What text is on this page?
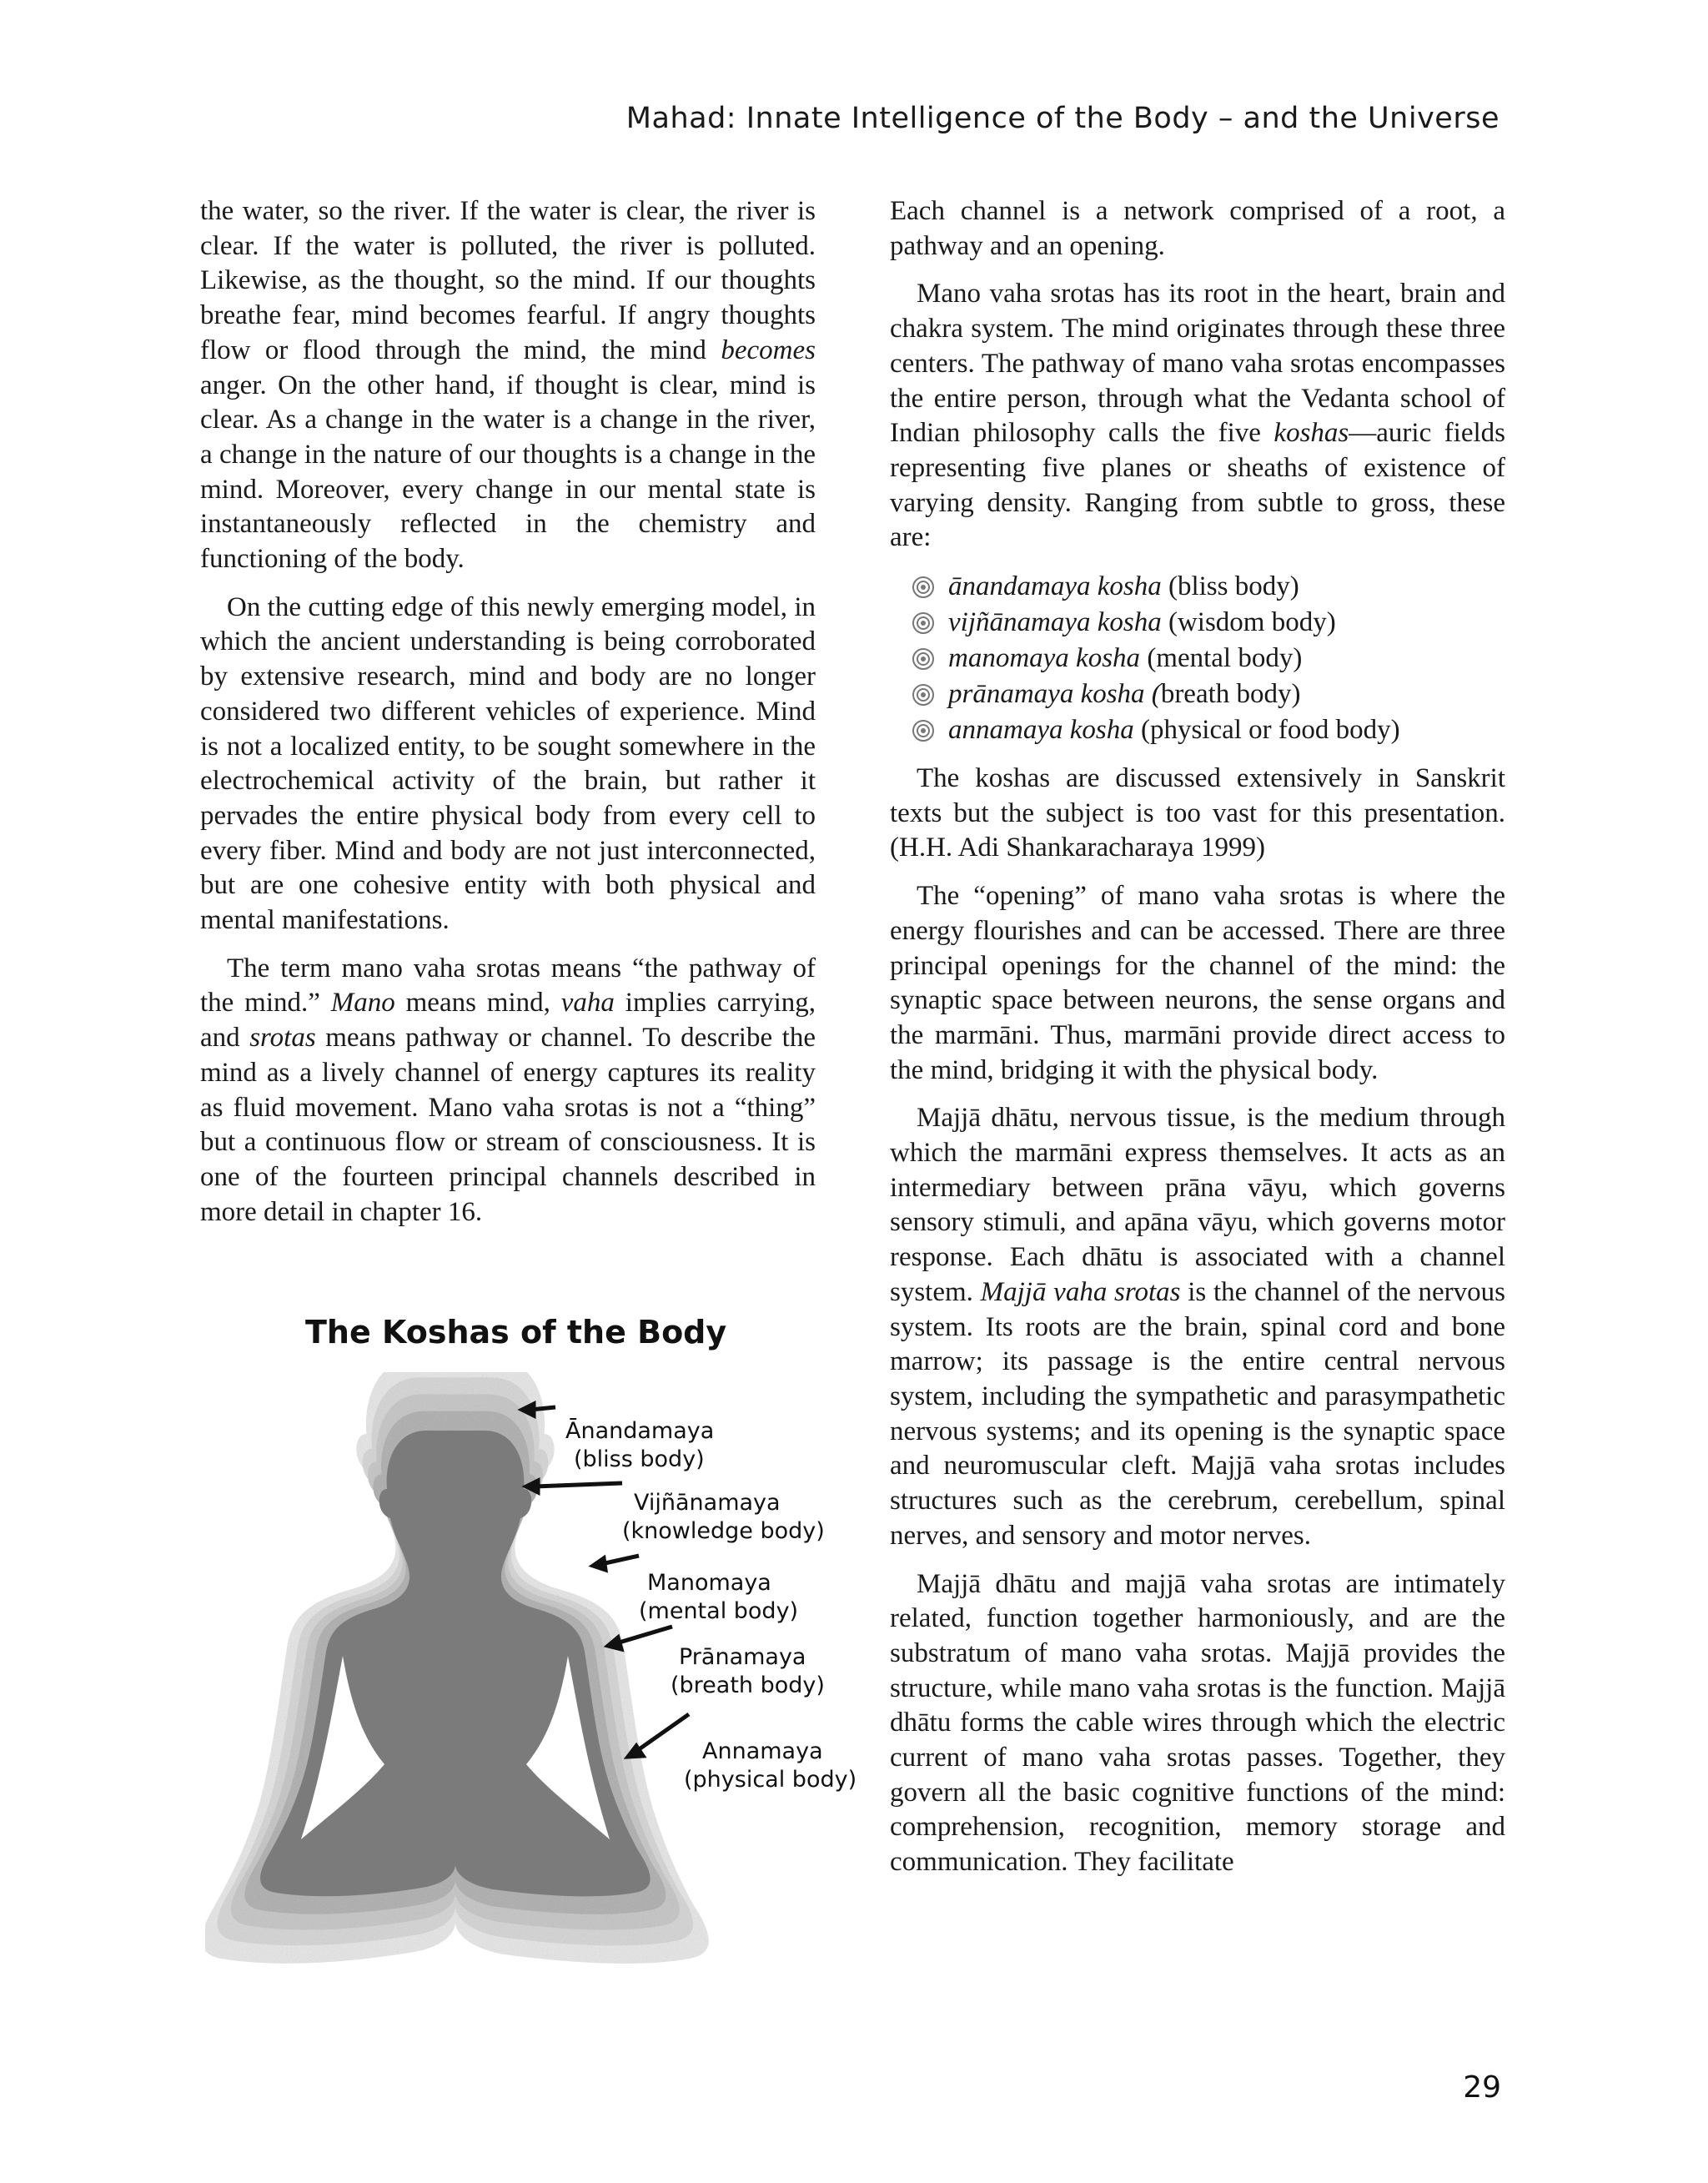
Mahad: Innate Intelligence of the Body – and the Universe

the water, so the river. If the water is clear, the river is clear. If the water is polluted, the river is polluted. Likewise, as the thought, so the mind. If our thoughts breathe fear, mind becomes fearful. If angry thoughts flow or flood through the mind, the mind becomes anger. On the other hand, if thought is clear, mind is clear. As a change in the water is a change in the river, a change in the nature of our thoughts is a change in the mind. Moreover, every change in our mental state is instantaneously reflected in the chemistry and functioning of the body.

On the cutting edge of this newly emerging model, in which the ancient understanding is being corroborated by extensive research, mind and body are no longer considered two different vehicles of experience. Mind is not a localized entity, to be sought somewhere in the electrochemical activity of the brain, but rather it pervades the entire physical body from every cell to every fiber. Mind and body are not just interconnected, but are one cohesive entity with both physical and mental manifestations.

The term mano vaha srotas means “the pathway of the mind.” Mano means mind, vaha implies carrying, and srotas means pathway or channel. To describe the mind as a lively channel of energy captures its reality as fluid movement. Mano vaha srotas is not a “thing” but a continuous flow or stream of consciousness. It is one of the fourteen principal channels described in more detail in chapter 16.

The Koshas of the Body
Ānandamaya
(bliss body)
Vijñānamaya
(knowledge body)
Manomaya
(mental body)
Prānamaya
(breath body)
Annamaya
(physical body)

Each channel is a network comprised of a root, a pathway and an opening.

Mano vaha srotas has its root in the heart, brain and chakra system. The mind originates through these three centers. The pathway of mano vaha srotas encompasses the entire person, through what the Vedanta school of Indian philosophy calls the five koshas—auric fields representing five planes or sheaths of existence of varying density. Ranging from subtle to gross, these are:

ānandamaya kosha (bliss body)
vijñānamaya kosha (wisdom body)
manomaya kosha (mental body)
prānamaya kosha (breath body)
annamaya kosha (physical or food body)

The koshas are discussed extensively in Sanskrit texts but the subject is too vast for this presentation. (H.H. Adi Shankaracharaya 1999)

The “opening” of mano vaha srotas is where the energy flourishes and can be accessed. There are three principal openings for the channel of the mind: the synaptic space between neurons, the sense organs and the marmāni. Thus, marmāni provide direct access to the mind, bridging it with the physical body.

Majjā dhātu, nervous tissue, is the medium through which the marmāni express themselves. It acts as an intermediary between prāna vāyu, which governs sensory stimuli, and apāna vāyu, which governs motor response. Each dhātu is associated with a channel system. Majjā vaha srotas is the channel of the nervous system. Its roots are the brain, spinal cord and bone marrow; its passage is the entire central nervous system, including the sympathetic and parasympathetic nervous systems; and its opening is the synaptic space and neuromuscular cleft. Majjā vaha srotas includes structures such as the cerebrum, cerebellum, spinal nerves, and sensory and motor nerves.

Majjā dhātu and majjā vaha srotas are intimately related, function together harmoniously, and are the substratum of mano vaha srotas. Majjā provides the structure, while mano vaha srotas is the function. Majjā dhātu forms the cable wires through which the electric current of mano vaha srotas passes. Together, they govern all the basic cognitive functions of the mind: comprehension, recognition, memory storage and communication. They facilitate

29
